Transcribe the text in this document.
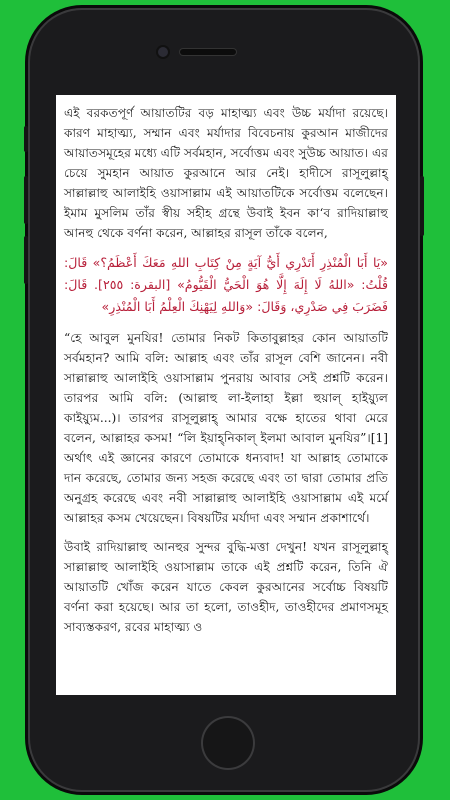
এই বরকতপূর্ণ আয়াতটির বড় মাহাত্ম্য এবং উচ্চ মর্যাদা রয়েছে। কারণ মাহাত্ম্য, সম্মান এবং মর্যাদার বিবেচনায় কুরআন মাজীদের আয়াতসমূহের মধ্যে এটি সর্বমহান, সর্বোত্তম এবং সুউচ্চ আয়াত। এর চেয়ে সুমহান আয়াত কুরআনে আর নেই। হাদীসে রাসূলুল্লাহ্‌ সাল্লাল্লাহু আলাইহি ওয়াসাল্লাম এই আয়াতটিকে সর্বোত্তম বলেছেন। ইমাম মুসলিম তাঁর স্বীয় সহীহ গ্রন্থে উবাই ইবন কা‘ব রাদিয়াল্লাহু আনহু থেকে বর্ণনা করেন, আল্লাহর রাসূল তাঁকে বলেন,

«يَا أَبَا الْمُنْذِرِ أَتَدْرِي أَيُّ آيَةٍ مِنْ كِتَابِ اللهِ مَعَكَ أَعْظَمُ؟» قَالَ: قُلْتُ: «اللهُ لَا إِلَهَ إِلَّا هُوَ الْحَيُّ الْقَيُّومُ» [البقرة: ٢٥٥]. قَالَ: فَضَرَبَ فِي صَدْرِي، وَقَالَ: «وَاللهِ لِيَهْنِكَ الْعِلْمُ أَبَا الْمُنْذِرِ»

“হে আবুল মুনযির! তোমার নিকট কিতাবুল্লাহর কোন আয়াতটি সর্বমহান? আমি বলি: আল্লাহ এবং তাঁর রাসূল বেশি জানেন। নবী সাল্লাল্লাহু আলাইহি ওয়াসাল্লাম পুনরায় আবার সেই প্রশ্নটি করেন। তারপর আমি বলি: (আল্লাহু লা-ইলাহা ইল্লা হুয়াল্ হাইয়্যুল কাইয়্যুম...)। তারপর রাসূলুল্লাহ্‌ আমার বক্ষে হাতের থাবা মেরে বলেন, আল্লাহর কসম! “লি ইয়াহ্‌নিকাল্ ইলমা আবাল মুনযির”।[1] অর্থাৎ এই জ্ঞানের কারণে তোমাকে ধন্যবাদ! যা আল্লাহ তোমাকে দান করেছে, তোমার জন্য সহজ করেছে এবং তা দ্বারা তোমার প্রতি অনুগ্রহ করেছে এবং নবী সাল্লাল্লাহু আলাইহি ওয়াসাল্লাম এই মর্মে আল্লাহর কসম খেয়েছেন। বিষয়টির মর্যাদা এবং সম্মান প্রকাশার্থে।

উবাই রাদিয়াল্লাহু আনহুর সুন্দর বুদ্ধি-মত্তা দেখুন! যখন রাসূলুল্লাহ্‌ সাল্লাল্লাহু আলাইহি ওয়াসাল্লাম তাকে এই প্রশ্নটি করেন, তিনি ঐ আয়াতটি খোঁজ করেন যাতে কেবল কুরআনের সর্বোচ্চ বিষয়টি বর্ণনা করা হয়েছে। আর তা হলো, তাওহীদ, তাওহীদের প্রমাণসমূহ সাব্যস্তকরণ, রবের মাহাত্ম্য ও
